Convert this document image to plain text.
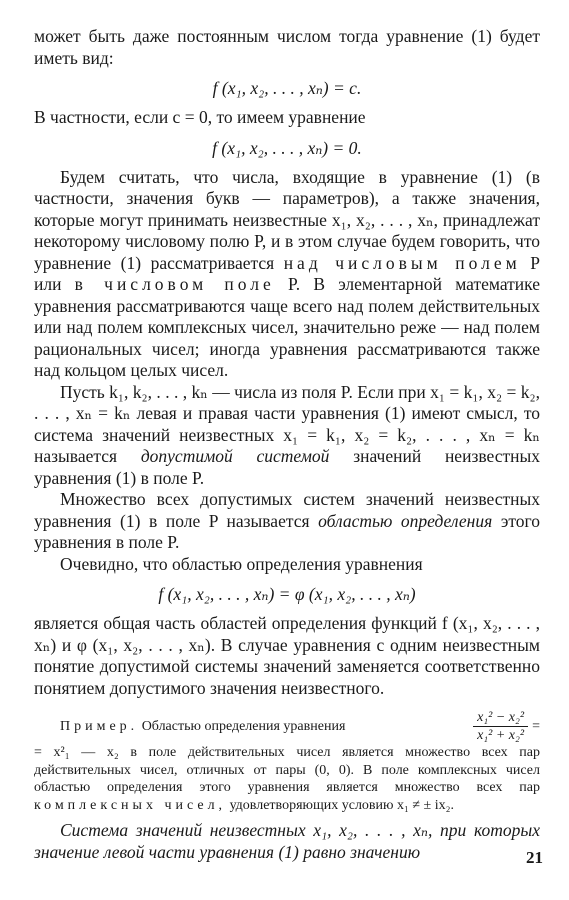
может быть даже постоянным числом тогда уравнение (1) будет иметь вид:

f (x₁, x₂, . . . , xₙ) = c.

В частности, если c = 0, то имеем уравнение

f (x₁, x₂, . . . , xₙ) = 0.

Будем считать, что числа, входящие в уравнение (1) (в частности, значения букв — параметров), а также значения, которые могут принимать неизвестные x₁, x₂, . . . , xₙ, принадлежат некоторому числовому полю P, и в этом случае будем говорить, что уравнение (1) рассматривается над числовым полем P или в числовом поле P. В элементарной математике уравнения рассматриваются чаще всего над полем действительных или над полем комплексных чисел, значительно реже — над полем рациональных чисел; иногда уравнения рассматриваются также над кольцом целых чисел.

Пусть k₁, k₂, . . . , kₙ — числа из поля P. Если при x₁ = k₁, x₂ = k₂, . . . , xₙ = kₙ левая и правая части уравнения (1) имеют смысл, то система значений неизвестных x₁ = k₁, x₂ = k₂, . . . , xₙ = kₙ называется допустимой системой значений неизвестных уравнения (1) в поле P.

Множество всех допустимых систем значений неизвестных уравнения (1) в поле P называется областью определения этого уравнения в поле P.

Очевидно, что областью определения уравнения

f (x₁, x₂, . . . , xₙ) = φ (x₁, x₂, . . . , xₙ)

является общая часть областей определения функций f (x₁, x₂, . . . , xₙ) и φ (x₁, x₂, . . . , xₙ). В случае уравнения с одним неизвестным понятие допустимой системы значений заменяется соответственно понятием допустимого значения неизвестного.

Пример. Областью определения уравнения	$\frac{\text{x₁² − x₂²}}{\text{x₁² + x₂²}}$ =

= x²₁ — x₂ в поле действительных чисел является множество всех пар действительных чисел, отличных от пары (0, 0). В поле комплексных чисел областью определения этого уравнения является множество всех пар комплексных чисел, удовлетворяющих условию x₁ ≠ ± ix₂.

Система значений неизвестных x₁, x₂, . . . , xₙ, при которых значение левой части уравнения (1) равно значению	21
